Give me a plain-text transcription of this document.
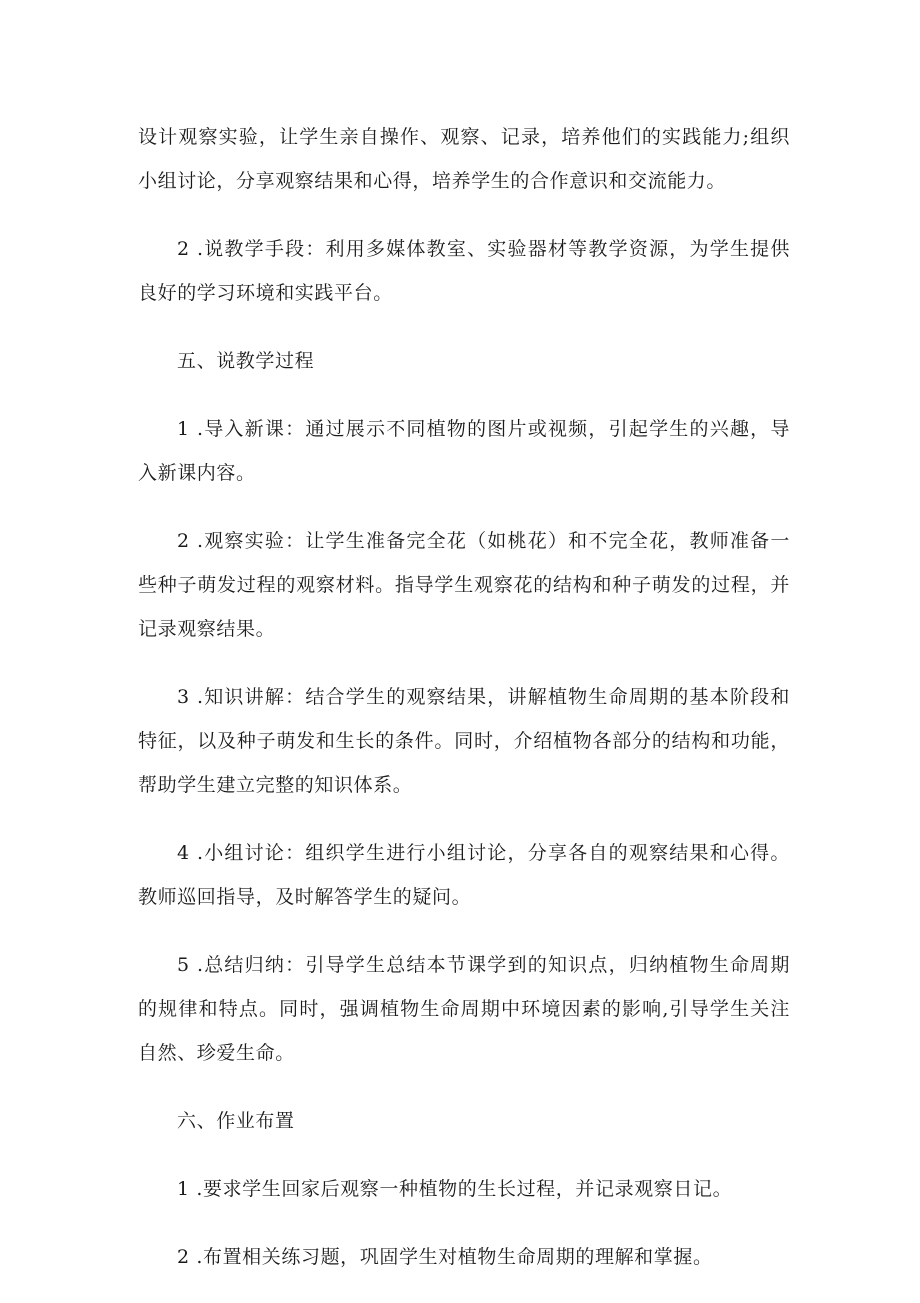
设计观察实验，让学生亲自操作、观察、记录，培养他们的实践能力;组织小组讨论，分享观察结果和心得，培养学生的合作意识和交流能力。

2 .说教学手段：利用多媒体教室、实验器材等教学资源，为学生提供良好的学习环境和实践平台。

五、说教学过程

1 .导入新课：通过展示不同植物的图片或视频，引起学生的兴趣，导入新课内容。

2 .观察实验：让学生准备完全花（如桃花）和不完全花，教师准备一些种子萌发过程的观察材料。指导学生观察花的结构和种子萌发的过程，并记录观察结果。

3 .知识讲解：结合学生的观察结果，讲解植物生命周期的基本阶段和特征，以及种子萌发和生长的条件。同时，介绍植物各部分的结构和功能，帮助学生建立完整的知识体系。

4 .小组讨论：组织学生进行小组讨论，分享各自的观察结果和心得。教师巡回指导，及时解答学生的疑问。

5 .总结归纳：引导学生总结本节课学到的知识点，归纳植物生命周期的规律和特点。同时，强调植物生命周期中环境因素的影响,引导学生关注自然、珍爱生命。

六、作业布置

1 .要求学生回家后观察一种植物的生长过程，并记录观察日记。

2 .布置相关练习题，巩固学生对植物生命周期的理解和掌握。
